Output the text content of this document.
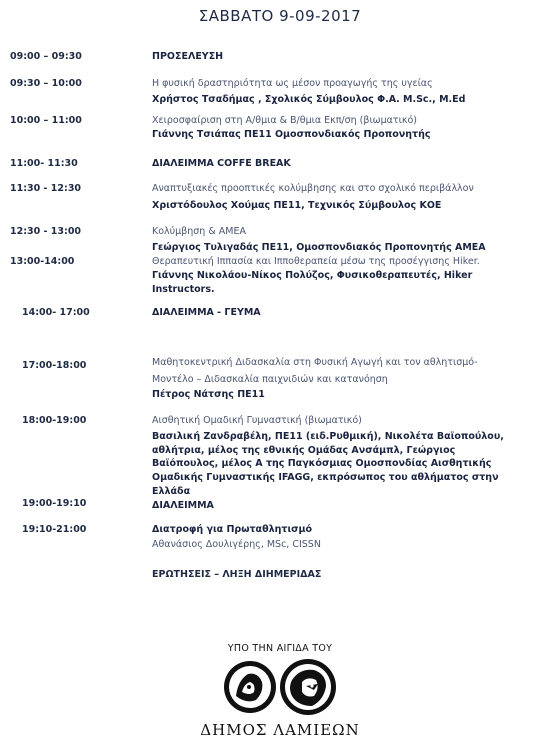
ΣΑΒΒΑΤΟ 9-09-2017
09:00 – 09:30	ΠΡΟΣΕΛΕΥΣΗ
09:30 – 10:00	Η φυσική δραστηριότητα ως μέσον προαγωγής της υγείας
Χρήστος Τσαδήμας , Σχολικός Σύμβουλος Φ.Α. M.Sc., M.Ed
10:00 – 11:00	Χειροσφαίριση στη Α/θμια & Β/θμια Εκπ/ση (βιωματικό)
Γιάννης Τσιάπας ΠΕ11 Ομοσπονδιακός Προπονητής
11:00- 11:30	ΔΙΑΛΕΙΜΜΑ COFFE BREAK
11:30 - 12:30	Αναπτυξιακές προοπτικές κολύμβησης και στο σχολικό περιβάλλον
Χριστόδουλος Χούμας ΠΕ11, Τεχνικός Σύμβουλος ΚΟΕ
12:30 - 13:00	Κολύμβηση & ΑΜΕΑ
Γεώργιος Τυλιγαδάς ΠΕ11, Ομοσπονδιακός Προπονητής ΑΜΕΑ
13:00-14:00	Θεραπευτική Ιππασία και Ιπποθεραπεία μέσω της προσέγγισης Hiker.
Γιάννης Νικολάου-Νίκος Πολύζος, Φυσικοθεραπευτές, Hiker
Instructors.
14:00- 17:00	ΔΙΑΛΕΙΜΜΑ - ΓΕΥΜΑ
17:00-18:00	Μαθητοκεντρική Διδασκαλία στη Φυσική Αγωγή και τον αθλητισμό-
Μοντέλο – Διδασκαλία παιχνιδιών και κατανόηση
Πέτρος Νάτσης ΠΕ11
18:00-19:00	Αισθητική Ομαδική Γυμναστική (βιωματικό)
Βασιλική Ζανδραβέλη, ΠΕ11 (ειδ.Ρυθμική), Νικολέτα Βαϊοπούλου,
αθλήτρια, μέλος της εθνικής Ομάδας Ανσάμπλ, Γεώργιος
Βαϊόπουλος, μέλος Α της Παγκόσμιας Ομοσπονδίας Αισθητικής
Ομαδικής Γυμναστικής IFAGG, εκπρόσωπος του αθλήματος στην
Ελλάδα
19:00-19:10	ΔΙΑΛΕΙΜΜΑ
19:10-21:00	Διατροφή για Πρωταθλητισμό
Αθανάσιος Δουλιγέρης, MSc, CISSN
ΕΡΩΤΗΣΕΙΣ – ΛΗΞΗ ΔΙΗΜΕΡΙΔΑΣ
ΥΠΟ ΤΗΝ ΑΙΓΙΔΑ ΤΟΥ
ΔΗΜΟΣ ΛΑΜΙΕΩΝ
